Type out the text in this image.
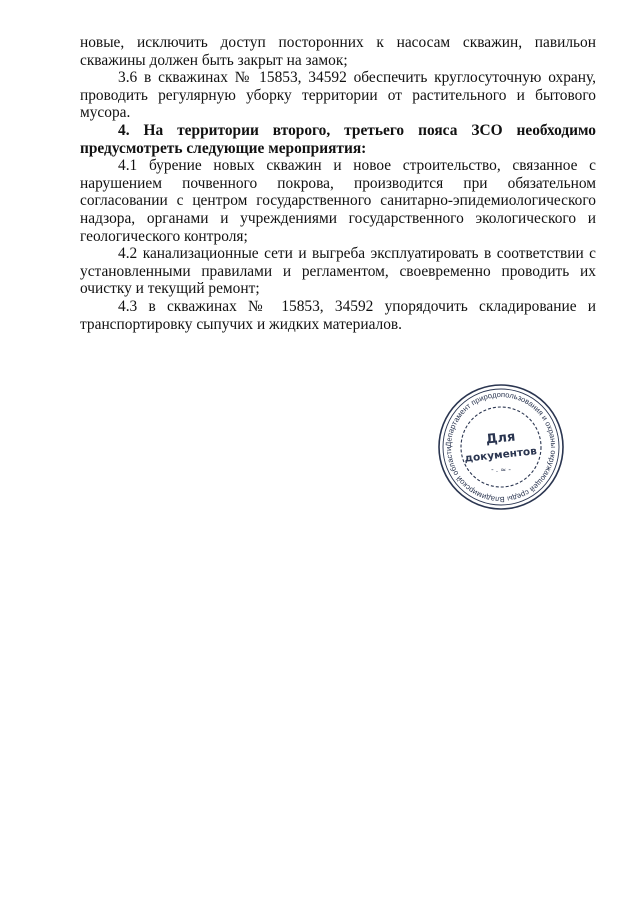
новые, исключить доступ посторонних к насосам скважин, павильон скважины должен быть закрыт на замок;

3.6 в скважинах № 15853, 34592 обеспечить круглосуточную охрану, проводить регулярную уборку территории от растительного и бытового мусора.

4. На территории второго, третьего пояса ЗСО необходимо предусмотреть следующие мероприятия:

4.1 бурение новых скважин и новое строительство, связанное с нарушением почвенного покрова, производится при обязательном согласовании с центром государственного санитарно-эпидемиологического надзора, органами и учреждениями государственного экологического и геологического контроля;

4.2 канализационные сети и выгреба эксплуатировать в соответствии с установленными правилами и регламентом, своевременно проводить их очистку и текущий ремонт;

4.3 в скважинах № 15853, 34592 упорядочить складирование и транспортировку сыпучих и жидких материалов.

Департамент природопользования и охраны окружающей среды Владимирской области
Для
документов
- . ≈ -
